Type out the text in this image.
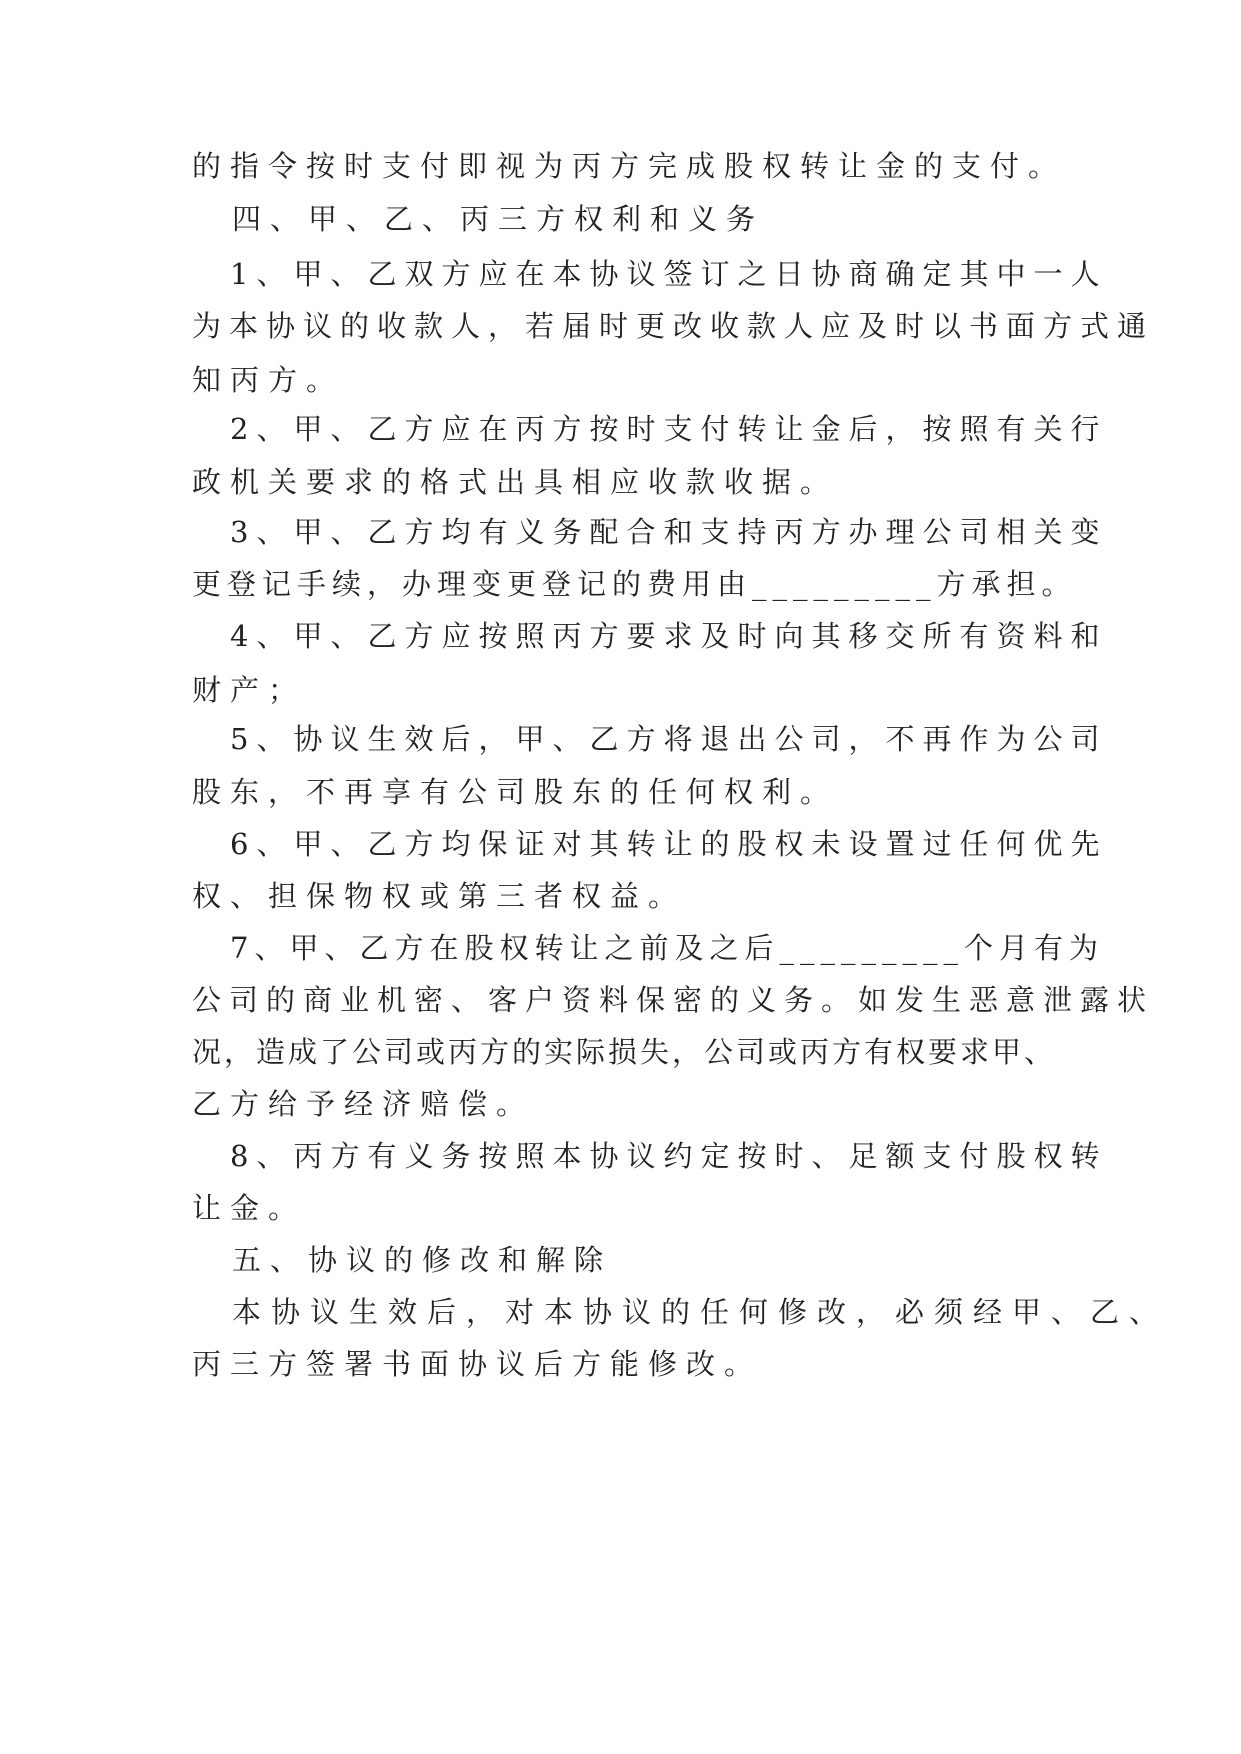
的指令按时支付即视为丙方完成股权转让金的支付。
四、甲、乙、丙三方权利和义务
1、甲、乙双方应在本协议签订之日协商确定其中一人
为本协议的收款人，若届时更改收款人应及时以书面方式通
知丙方。
2、甲、乙方应在丙方按时支付转让金后，按照有关行
政机关要求的格式出具相应收款收据。
3、甲、乙方均有义务配合和支持丙方办理公司相关变
更登记手续，办理变更登记的费用由_________方承担。
4、甲、乙方应按照丙方要求及时向其移交所有资料和
财产；
5、协议生效后，甲、乙方将退出公司，不再作为公司
股东，不再享有公司股东的任何权利。
6、甲、乙方均保证对其转让的股权未设置过任何优先
权、担保物权或第三者权益。
7、甲、乙方在股权转让之前及之后_________个月有为
公司的商业机密、客户资料保密的义务。如发生恶意泄露状
况，造成了公司或丙方的实际损失，公司或丙方有权要求甲、
乙方给予经济赔偿。
8、丙方有义务按照本协议约定按时、足额支付股权转
让金。
五、协议的修改和解除
本协议生效后，对本协议的任何修改，必须经甲、乙、
丙三方签署书面协议后方能修改。
